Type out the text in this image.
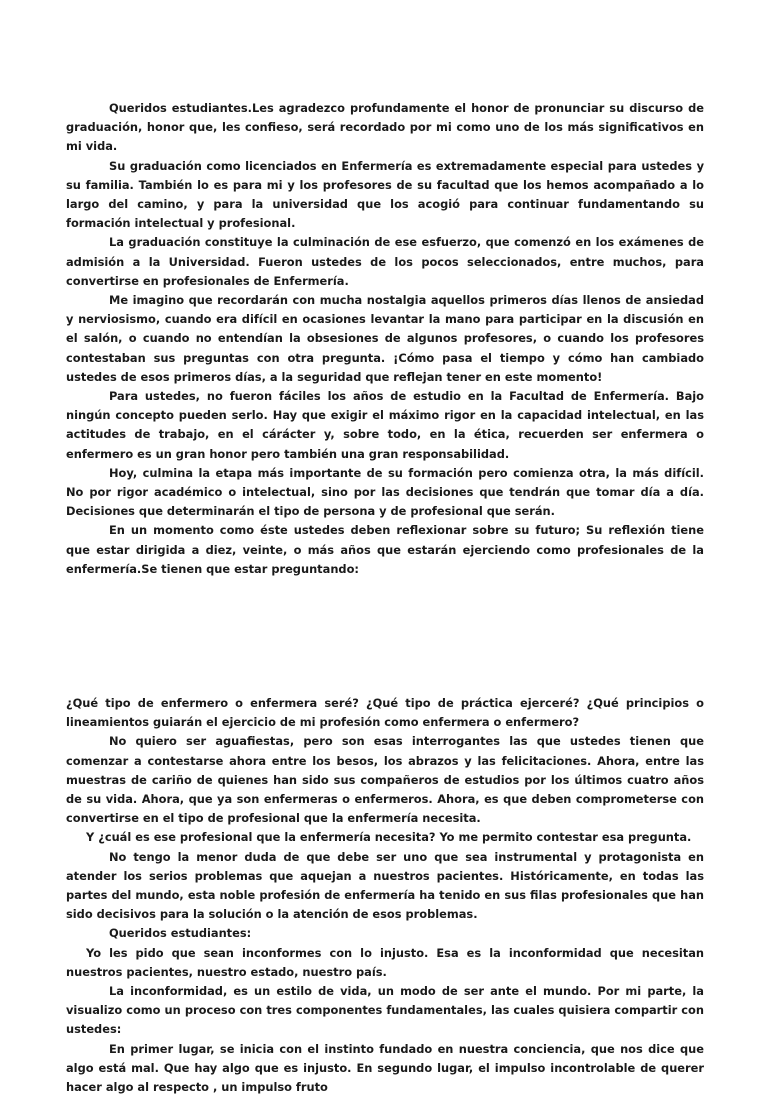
Queridos estudiantes.Les agradezco profundamente el honor de pronunciar su discurso de graduación, honor que, les confieso, será recordado por mi como uno de los más significativos en mi vida.

Su graduación como licenciados en Enfermería es extremadamente especial para ustedes y su familia. También lo es para mi y los profesores de su facultad que los hemos acompañado a lo largo del camino, y para la universidad que los acogió para continuar fundamentando su formación intelectual y profesional.

La graduación constituye la culminación de ese esfuerzo, que comenzó en los exámenes de admisión a la Universidad. Fueron ustedes de los pocos seleccionados, entre muchos, para convertirse en profesionales de Enfermería.

Me imagino que recordarán con mucha nostalgia aquellos primeros días llenos de ansiedad y nerviosismo, cuando era difícil en ocasiones levantar la mano para participar en la discusión en el salón, o cuando no entendían la obsesiones de algunos profesores, o cuando los profesores contestaban sus preguntas con otra pregunta. ¡Cómo pasa el tiempo y cómo han cambiado ustedes de esos primeros días, a la seguridad que reflejan tener en este momento!

Para ustedes, no fueron fáciles los años de estudio en la Facultad de Enfermería. Bajo ningún concepto pueden serlo. Hay que exigir el máximo rigor en la capacidad intelectual, en las actitudes de trabajo, en el cárácter y, sobre todo, en la ética, recuerden ser enfermera o enfermero es un gran honor pero también una gran responsabilidad.

Hoy, culmina la etapa más importante de su formación pero comienza otra, la más difícil. No por rigor académico o intelectual, sino por las decisiones que tendrán que tomar día a día. Decisiones que determinarán el tipo de persona y de profesional que serán.

En un momento como éste ustedes deben reflexionar sobre su futuro; Su reflexión tiene que estar dirigida a diez, veinte, o más años que estarán ejerciendo como profesionales de la enfermería.Se tienen que estar preguntando:

¿Qué tipo de enfermero o enfermera seré? ¿Qué tipo de práctica ejerceré? ¿Qué principios o lineamientos guiarán el ejercicio de mi profesión como enfermera o enfermero?

No quiero ser aguafiestas, pero son esas interrogantes las que ustedes tienen que comenzar a contestarse ahora entre los besos, los abrazos y las felicitaciones. Ahora, entre las muestras de cariño de quienes han sido sus compañeros de estudios por los últimos cuatro años de su vida. Ahora, que ya son enfermeras o enfermeros. Ahora, es que deben comprometerse con convertirse en el tipo de profesional que la enfermería necesita.

Y ¿cuál es ese profesional que la enfermería necesita? Yo me permito contestar esa pregunta.

No tengo la menor duda de que debe ser uno que sea instrumental y protagonista en atender los serios problemas que aquejan a nuestros pacientes. Históricamente, en todas las partes del mundo, esta noble profesión de enfermería ha tenido en sus filas profesionales que han sido decisivos para la solución o la atención de esos problemas.

Queridos estudiantes:

Yo les pido que sean inconformes con lo injusto. Esa es la inconformidad que necesitan nuestros pacientes, nuestro estado, nuestro país.

La inconformidad, es un estilo de vida, un modo de ser ante el mundo. Por mi parte, la visualizo como un proceso con tres componentes fundamentales, las cuales quisiera compartir con ustedes:

En primer lugar, se inicia con el instinto fundado en nuestra conciencia, que nos dice que algo está mal. Que hay algo que es injusto. En segundo lugar, el impulso incontrolable de querer hacer algo al respecto , un impulso fruto
